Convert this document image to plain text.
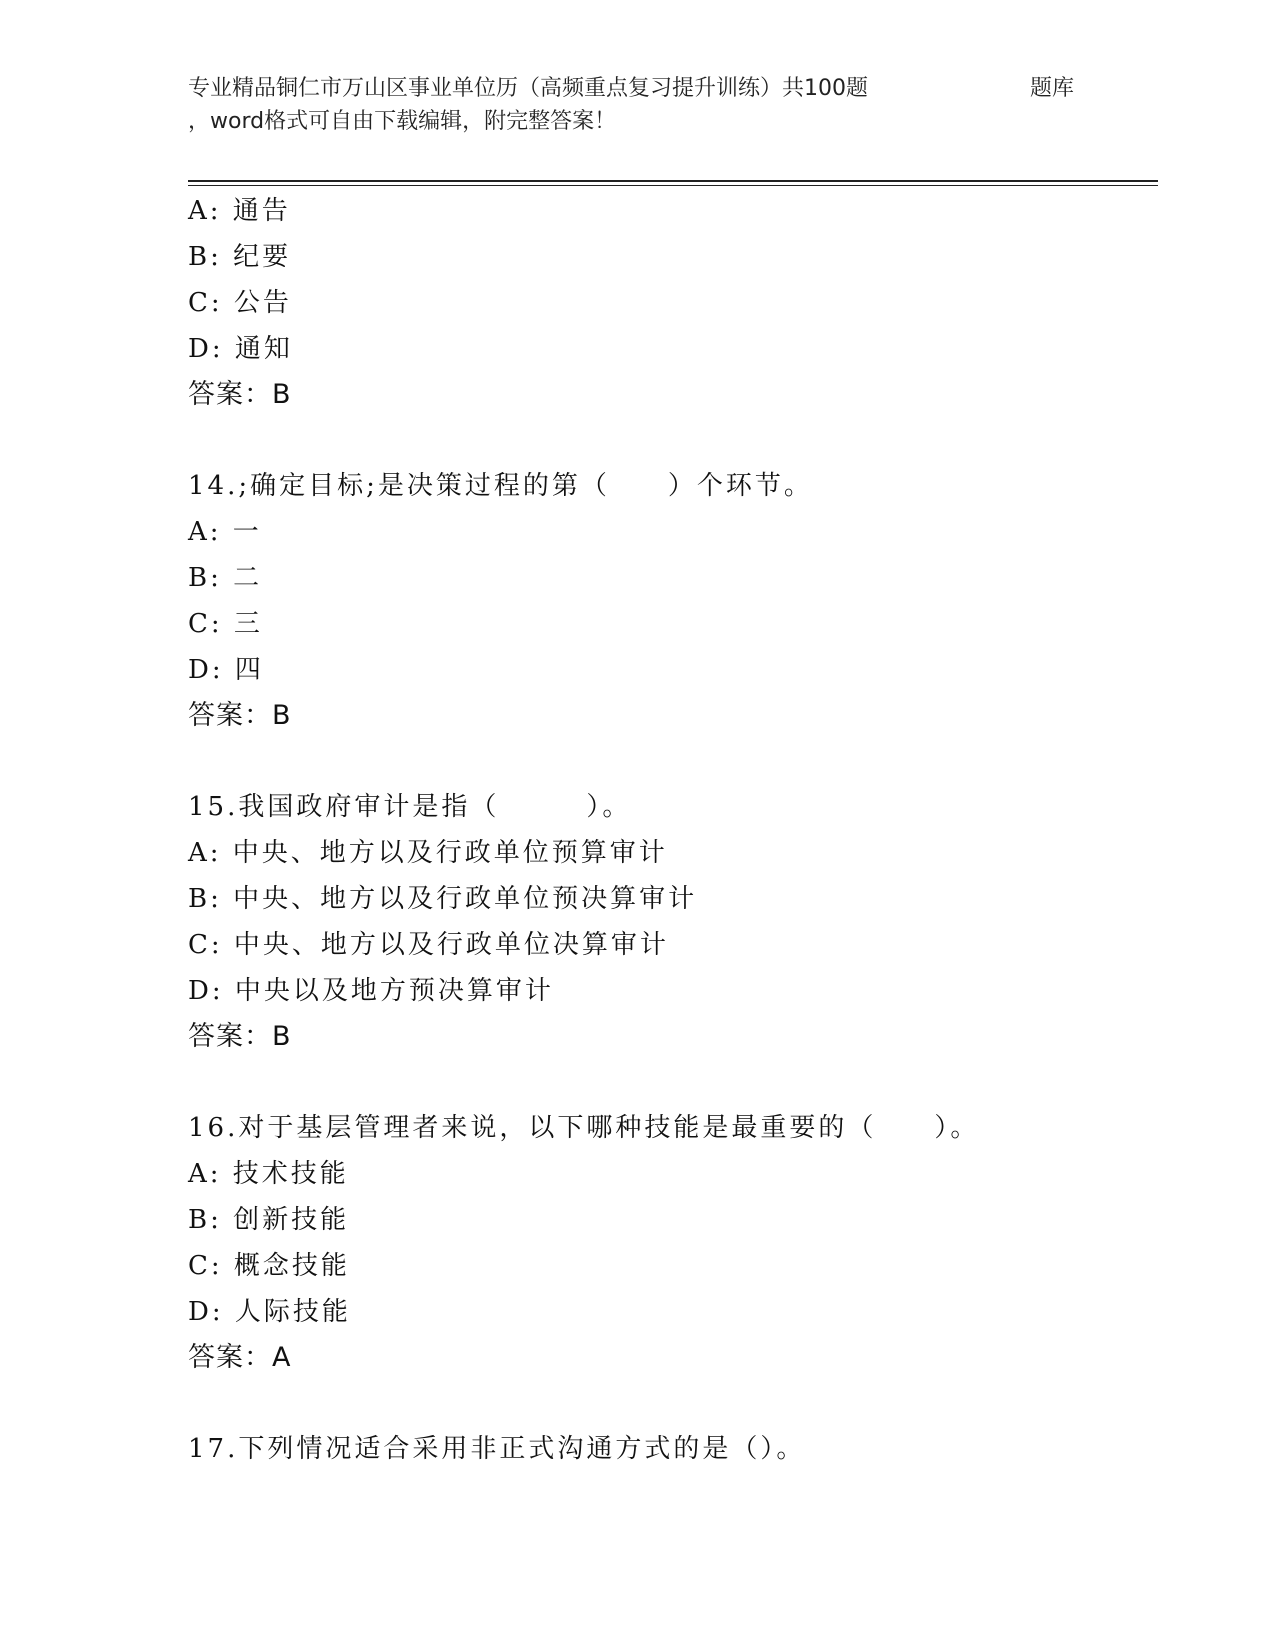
专业精品铜仁市万山区事业单位历（高频重点复习提升训练）共100题	题库
，word格式可自由下载编辑，附完整答案！
A: 通告
B: 纪要
C: 公告
D: 通知
答案：B
14.;确定目标;是决策过程的第（　　）个环节。
A: 一
B: 二
C: 三
D: 四
答案：B
15.我国政府审计是指（　　　）。
A: 中央、地方以及行政单位预算审计
B: 中央、地方以及行政单位预决算审计
C: 中央、地方以及行政单位决算审计
D: 中央以及地方预决算审计
答案：B
16.对于基层管理者来说，以下哪种技能是最重要的（　　）。
A: 技术技能
B: 创新技能
C: 概念技能
D: 人际技能
答案：A
17.下列情况适合采用非正式沟通方式的是（）。
